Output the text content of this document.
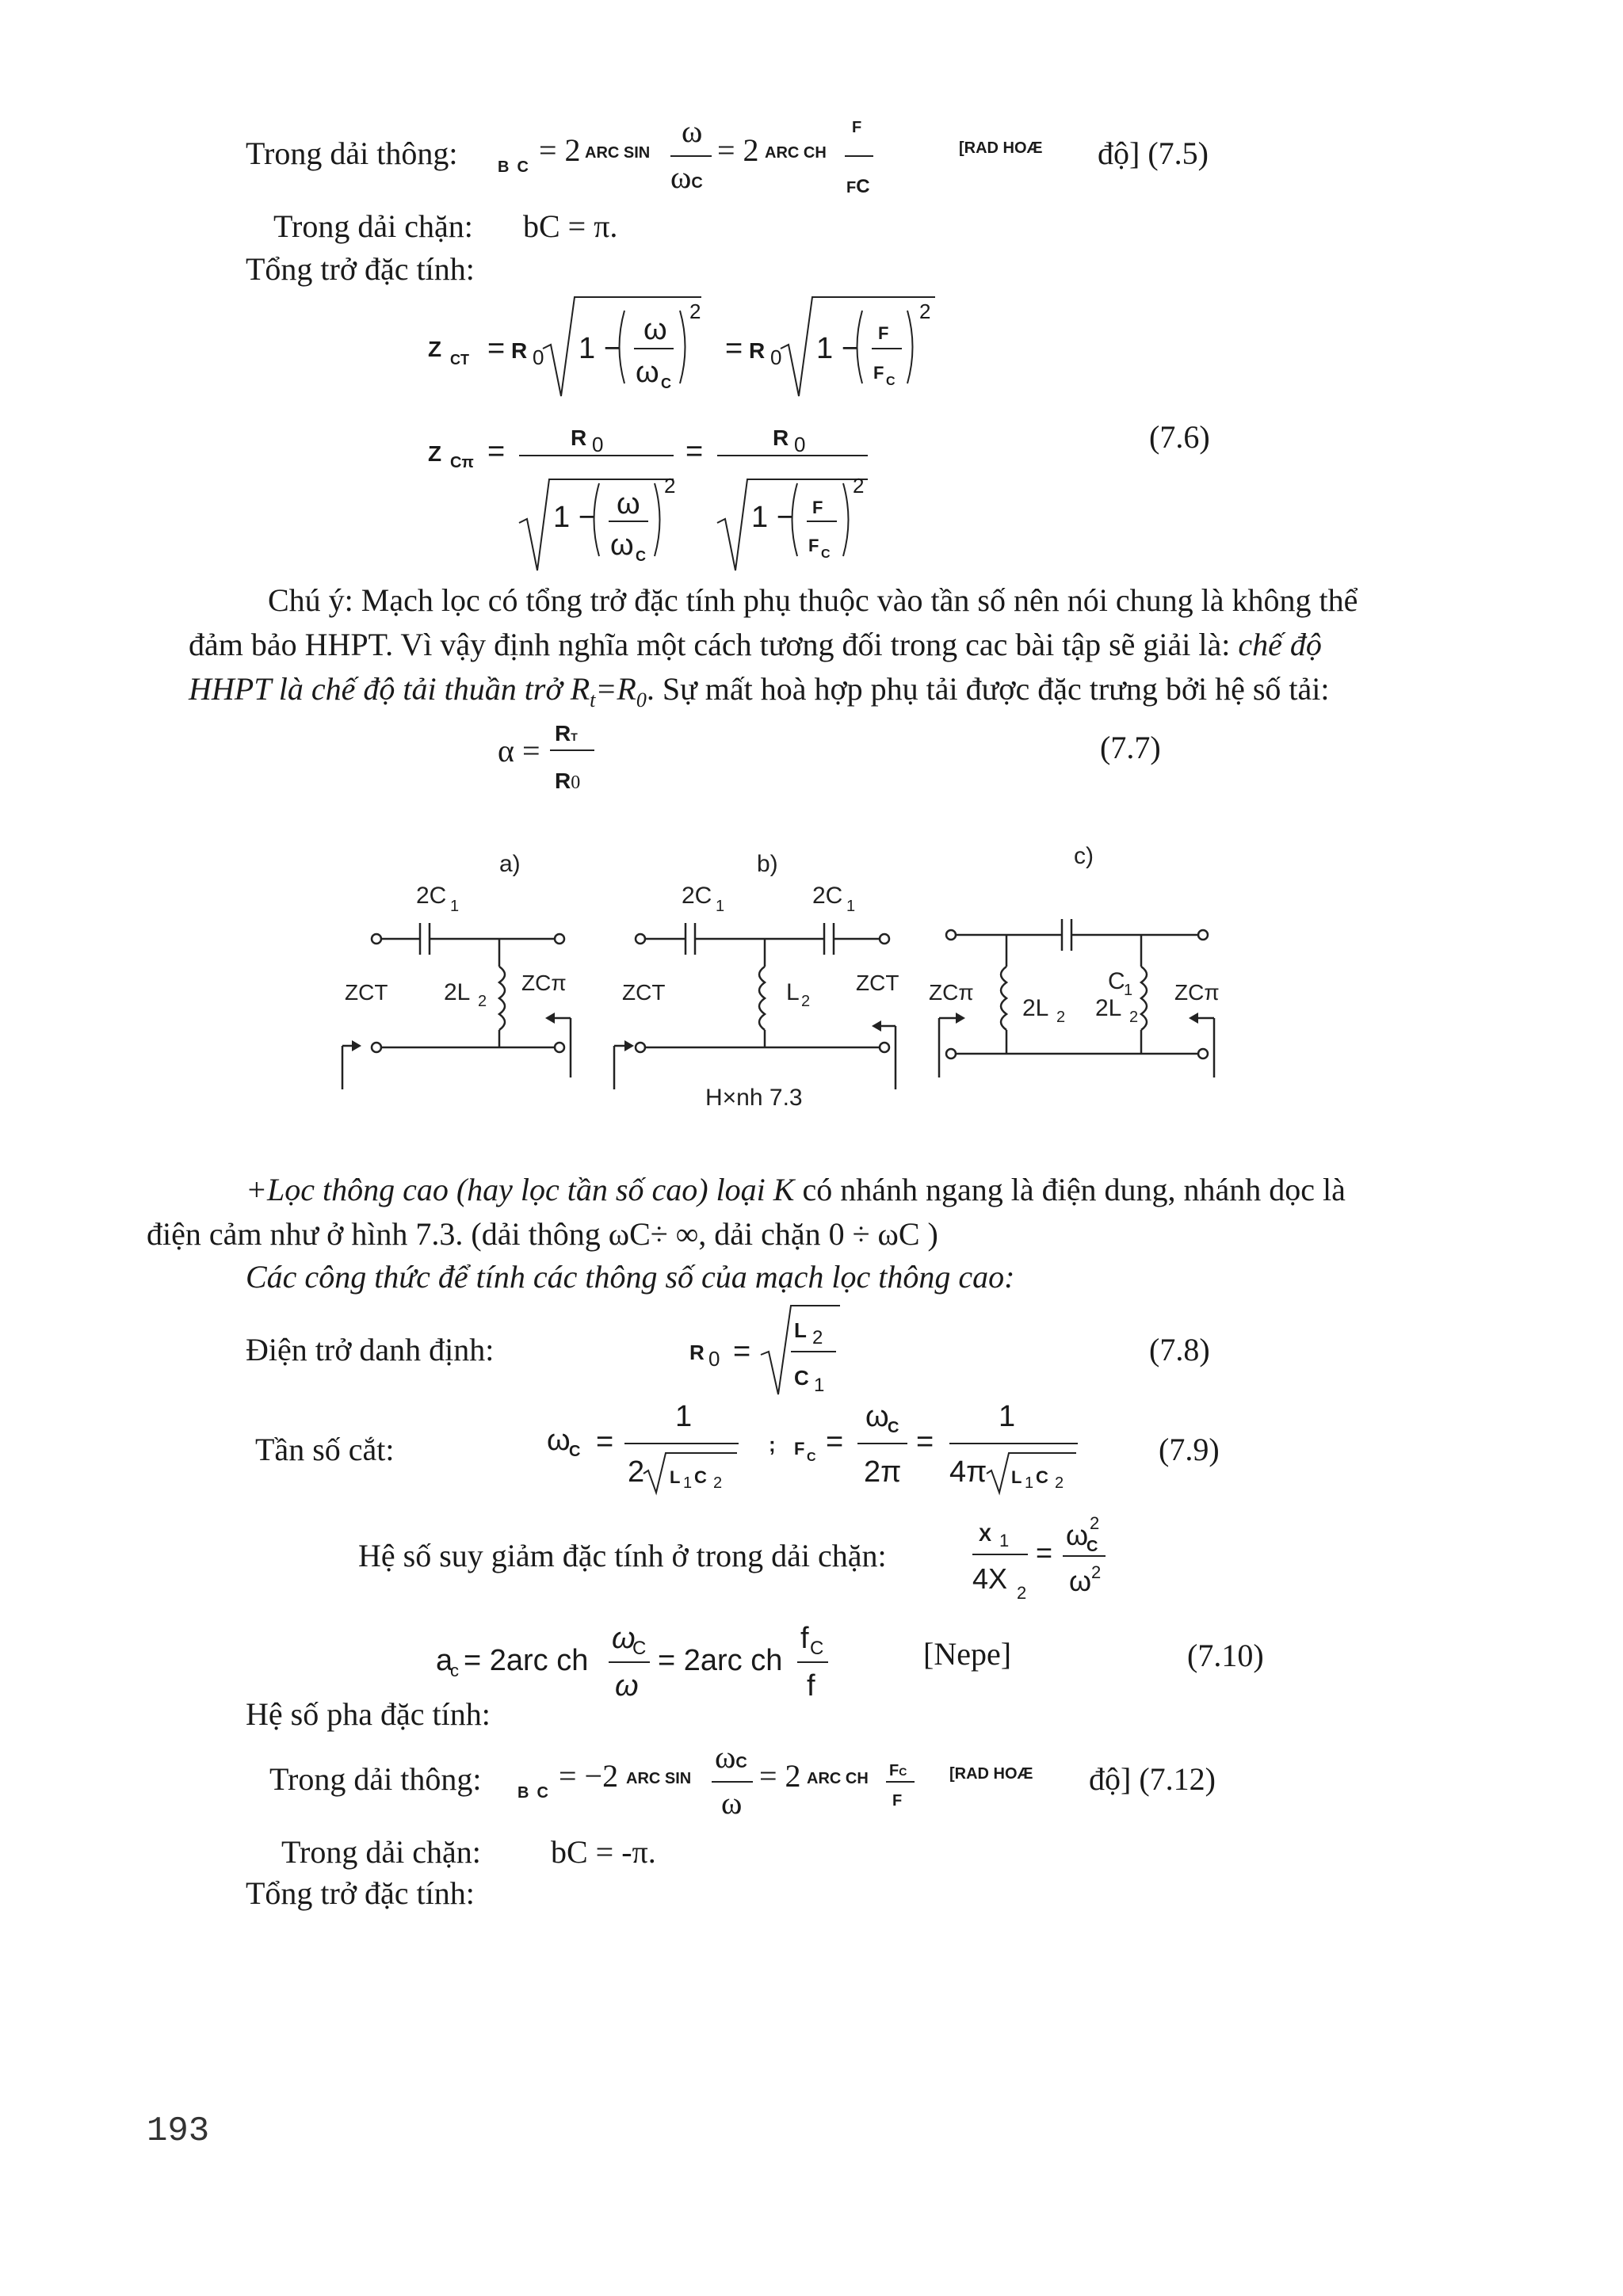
Trong dải thông:	B C = 2 ARC SIN
ω
ωC
= 2 ARC CH
F
FC
[RAD HOÆ độ] (7.5)
Trong dải chặn: bC = π.
Tổng trở đặc tính:
Z CT = R 0 1 −
ω
ω C
2
= R 0 1 − F
F C
2
Z Cπ =	R 0
1 − ω
ω C
2
=	R 0
1 − F
F C
2
(7.6)
Chú ý: Mạch lọc có tổng trở đặc tính phụ thuộc vào tần số nên nói chung là không thể
đảm bảo HHPT. Vì vậy định nghĩa một cách tương đối trong cac bài tập sẽ giải là: chế độ
HHPT là chế độ tải thuần trở $R_t=R_0$. Sự mất hoà hợp phụ tải được đặc trưng bởi hệ số tải:
α = RT
R0
(7.7)
a)	b)	c)
2C 1	2C 1	2C 1
2L 2	L 2	2L 2
C
1
2L 2
ZCT	ZCπ	ZCT	ZCT ZCπ	ZCπ
H×nh 7.3
+Lọc thông cao (hay lọc tần số cao) loại K có nhánh ngang là điện dung, nhánh dọc là
điện cảm như ở hình 7.3. (dải thông ωC÷ ∞, dải chặn 0 ÷ ωC )
Các công thức để tính các thông số của mạch lọc thông cao:
Điện trở danh định:	R 0 =
L 2
C 1
(7.8)
Tần số cắt:	ω
C =
1
2 L 1 C 2
; F C =
ω
C
2π
=
1
4π L 1 C 2
(7.9)
Hệ số suy giảm đặc tính ở trong dải chặn:
X 1
4X 2
=
ω
C
2
ω 2
a
c = 2arc ch
ω
C
ω
= 2arc ch
f C
f
[Nepe]	(7.10)
Hệ số pha đặc tính:
Trong dải thông: B C = −2 ARC SIN
ωC
ω
= 2 ARC CH FC
F
[RAD HOÆ độ] (7.12)
Trong dải chặn: bC = -π.
Tổng trở đặc tính:
193
